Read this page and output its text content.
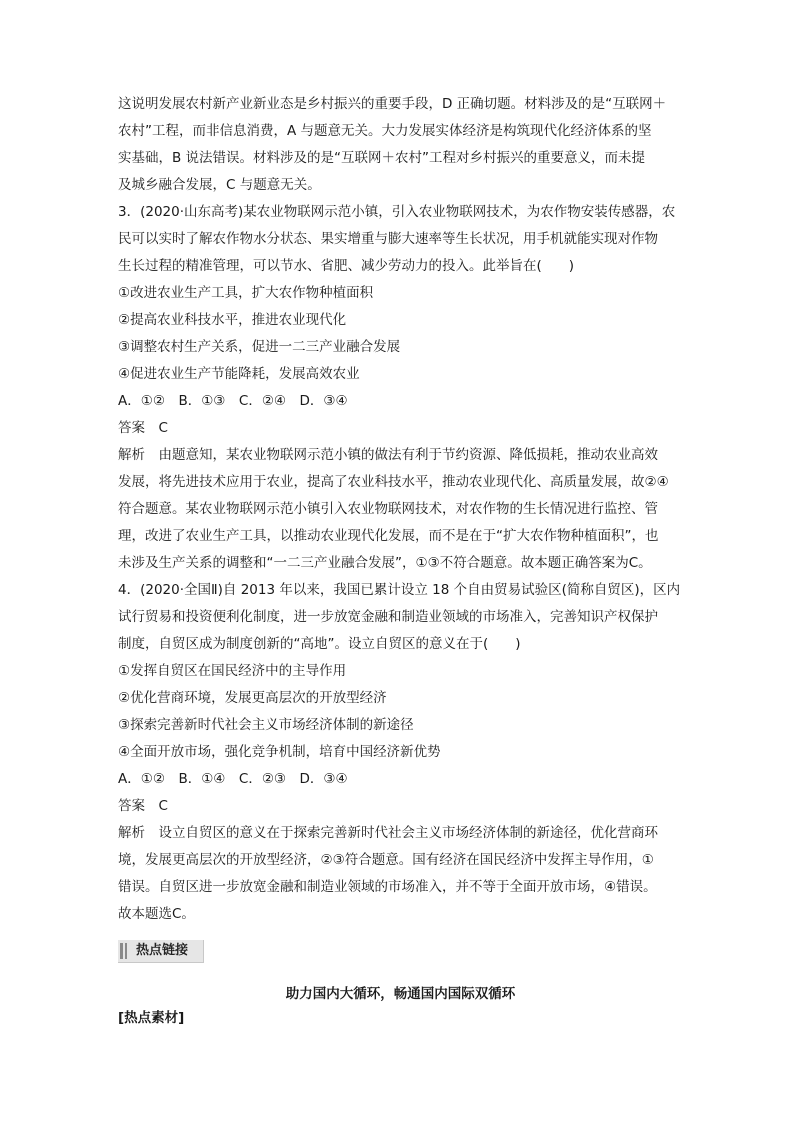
这说明发展农村新产业新业态是乡村振兴的重要手段，D 正确切题。材料涉及的是“互联网＋
农村”工程，而非信息消费，A 与题意无关。大力发展实体经济是构筑现代化经济体系的坚
实基础，B 说法错误。材料涉及的是“互联网＋农村”工程对乡村振兴的重要意义，而未提
及城乡融合发展，C 与题意无关。
3．(2020·山东高考)某农业物联网示范小镇，引入农业物联网技术，为农作物安装传感器，农
民可以实时了解农作物水分状态、果实增重与膨大速率等生长状况，用手机就能实现对作物
生长过程的精准管理，可以节水、省肥、减少劳动力的投入。此举旨在(　　)
①改进农业生产工具，扩大农作物种植面积
②提高农业科技水平，推进农业现代化
③调整农村生产关系，促进一二三产业融合发展
④促进农业生产节能降耗，发展高效农业
A．①②　B．①③　C．②④　D．③④
答案　C
解析　由题意知，某农业物联网示范小镇的做法有利于节约资源、降低损耗，推动农业高效
发展，将先进技术应用于农业，提高了农业科技水平，推动农业现代化、高质量发展，故②④
符合题意。某农业物联网示范小镇引入农业物联网技术，对农作物的生长情况进行监控、管
理，改进了农业生产工具，以推动农业现代化发展，而不是在于“扩大农作物种植面积”，也
未涉及生产关系的调整和“一二三产业融合发展”，①③不符合题意。故本题正确答案为C。
4．(2020·全国Ⅱ)自 2013 年以来，我国已累计设立 18 个自由贸易试验区(简称自贸区)，区内
试行贸易和投资便利化制度，进一步放宽金融和制造业领域的市场准入，完善知识产权保护
制度，自贸区成为制度创新的“高地”。设立自贸区的意义在于(　　)
①发挥自贸区在国民经济中的主导作用
②优化营商环境，发展更高层次的开放型经济
③探索完善新时代社会主义市场经济体制的新途径
④全面开放市场，强化竞争机制，培育中国经济新优势
A．①②　B．①④　C．②③　D．③④
答案　C
解析　设立自贸区的意义在于探索完善新时代社会主义市场经济体制的新途径，优化营商环
境，发展更高层次的开放型经济，②③符合题意。国有经济在国民经济中发挥主导作用，①
错误。自贸区进一步放宽金融和制造业领域的市场准入，并不等于全面开放市场，④错误。
故本题选C。
热点链接
助力国内大循环，畅通国内国际双循环
[热点素材]
